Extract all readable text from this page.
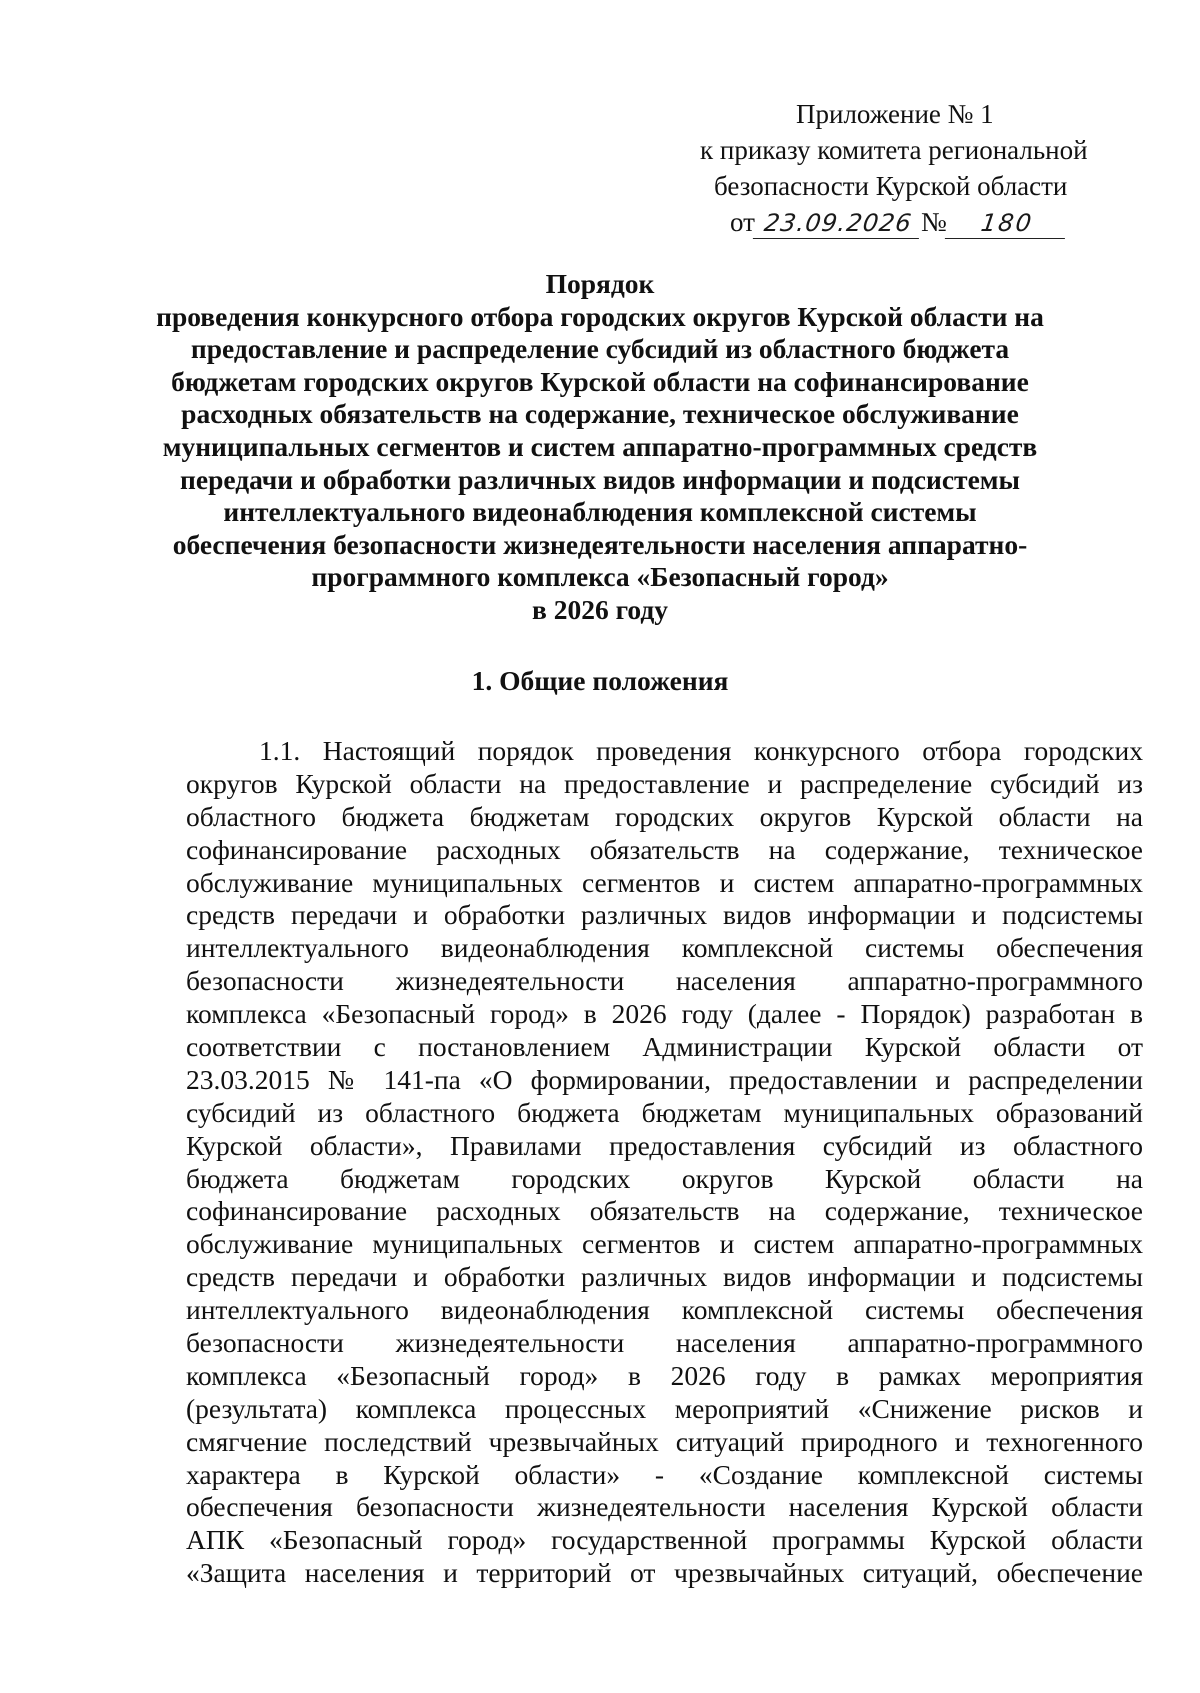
Приложение № 1
к приказу комитета региональной
безопасности Курской области
от 23.09.2026 № 180
Порядок
проведения конкурсного отбора городских округов Курской области на
предоставление и распределение субсидий из областного бюджета
бюджетам городских округов Курской области на софинансирование
расходных обязательств на содержание, техническое обслуживание
муниципальных сегментов и систем аппаратно-программных средств
передачи и обработки различных видов информации и подсистемы
интеллектуального видеонаблюдения комплексной системы
обеспечения безопасности жизнедеятельности населения аппаратно-
программного комплекса «Безопасный город»
в 2026 году
1. Общие положения
1.1. Настоящий порядок проведения конкурсного отбора городских
округов Курской области на предоставление и распределение субсидий из
областного бюджета бюджетам городских округов Курской области на
софинансирование расходных обязательств на содержание, техническое
обслуживание муниципальных сегментов и систем аппаратно-программных
средств передачи и обработки различных видов информации и подсистемы
интеллектуального видеонаблюдения комплексной системы обеспечения
безопасности жизнедеятельности населения аппаратно-программного
комплекса «Безопасный город» в 2026 году (далее - Порядок) разработан в
соответствии с постановлением Администрации Курской области от
23.03.2015 № 141-па «О формировании, предоставлении и распределении
субсидий из областного бюджета бюджетам муниципальных образований
Курской области», Правилами предоставления субсидий из областного
бюджета бюджетам городских округов Курской области на
софинансирование расходных обязательств на содержание, техническое
обслуживание муниципальных сегментов и систем аппаратно-программных
средств передачи и обработки различных видов информации и подсистемы
интеллектуального видеонаблюдения комплексной системы обеспечения
безопасности жизнедеятельности населения аппаратно-программного
комплекса «Безопасный город» в 2026 году в рамках мероприятия
(результата) комплекса процессных мероприятий «Снижение рисков и
смягчение последствий чрезвычайных ситуаций природного и техногенного
характера в Курской области» - «Создание комплексной системы
обеспечения безопасности жизнедеятельности населения Курской области
АПК «Безопасный город» государственной программы Курской области
«Защита населения и территорий от чрезвычайных ситуаций, обеспечение
